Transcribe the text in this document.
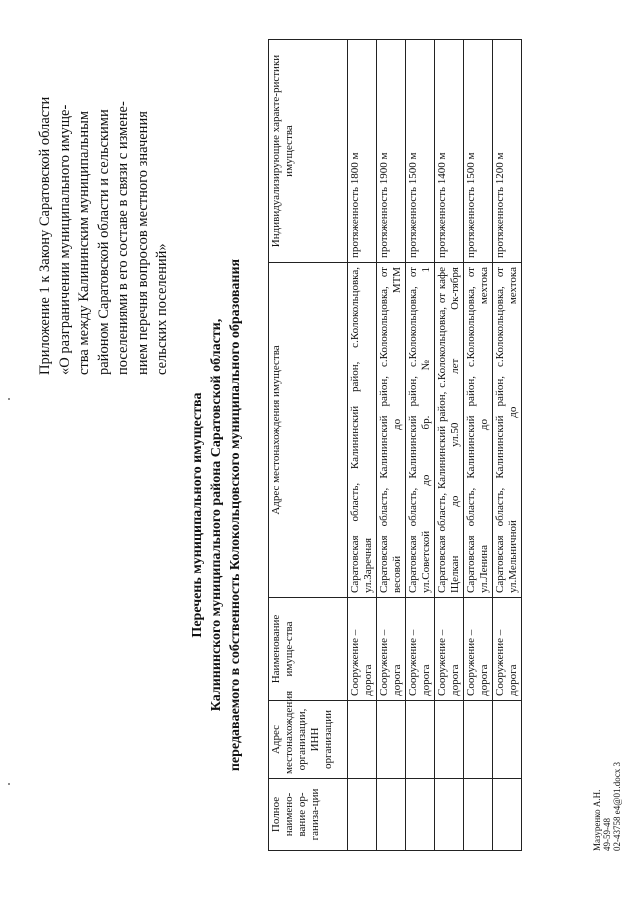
Приложение 1 к Закону Саратовской области «О разграничении муниципального имуще- ства между Калининским муниципальным районом Саратовской области и сельскими поселениями в его составе в связи с измене- нием перечня вопросов местного значения сельских поселений»

Перечень муниципального имущества Калининского муниципального района Саратовской области, передаваемого в собственность Колокольцовского муниципального образования
Полное наимено-вание ор-ганиза-ции	Адрес местонахождения организации, ИНН организации	Наименование имуще-ства	Адрес местонахождения имущества	Индивидуализирующие характе-ристики имущества
		Сооружение – дорога	Саратовская область, Калининский район, с.Колокольцовка, ул.Заречная	протяженность 1800 м
		Сооружение – дорога	Саратовская область, Калининский район, с.Колокольцовка, от весовой до МТМ	протяженность 1900 м
		Сооружение – дорога	Саратовская область, Калининский район, с.Колокольцовка, от ул.Советской до бр. № 1	протяженность 1500 м
		Сооружение – дорога	Саратовская область, Калининский район, с.Колокольцовка, от кафе Щелкан до ул.50 лет Ок-тября	протяженность 1400 м
		Сооружение – дорога	Саратовская область, Калининский район, с.Колокольцовка, от ул.Ленина до мехтока	протяженность 1500 м
		Сооружение – дорога	Саратовская область, Калининский район, с.Колокольцовка, от ул.Мельничной до мехтока	протяженность 1200 м
Мазуренко А.Н. 49-59-48 02-43758 е4@01.docx 3
